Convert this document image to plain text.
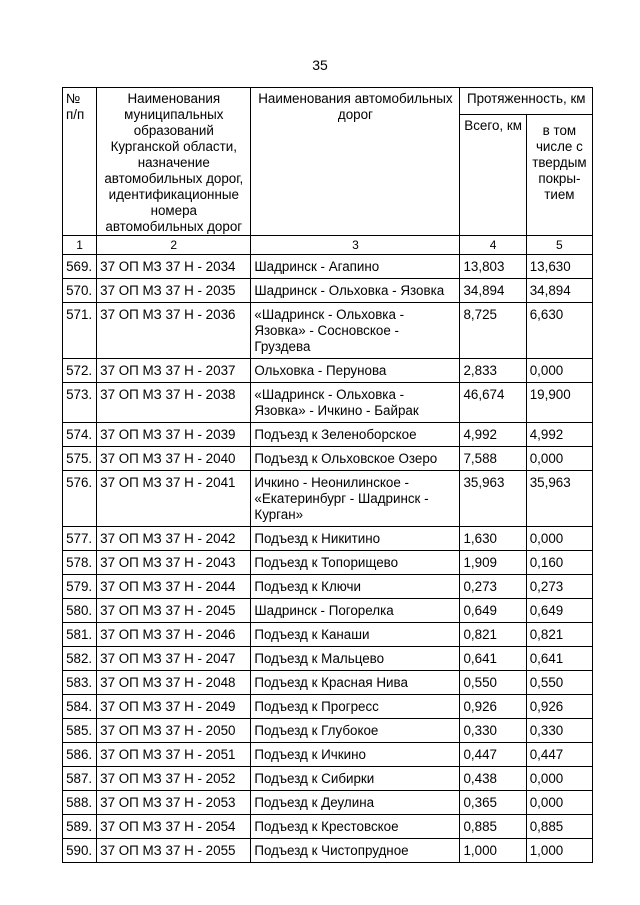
35
№ п/п	Наименования муниципальных образований Курганской области, назначение автомобильных дорог, идентификационные номера автомобильных дорог	Наименования автомобильных дорог	Протяженность, км	
			Всего, км	в том числе с твердым покры-тием
1	2	3	4	5
569.	37 ОП МЗ 37 Н - 2034	Шадринск - Агапино	13,803	13,630
570.	37 ОП МЗ 37 Н - 2035	Шадринск - Ольховка - Язовка	34,894	34,894
571.	37 ОП МЗ 37 Н - 2036	«Шадринск - Ольховка - Язовка» - Сосновское - Груздева	8,725	6,630
572.	37 ОП МЗ 37 Н - 2037	Ольховка - Перунова	2,833	0,000
573.	37 ОП МЗ 37 Н - 2038	«Шадринск - Ольховка - Язовка» - Ичкино - Байрак	46,674	19,900
574.	37 ОП МЗ 37 Н - 2039	Подъезд к Зеленоборское	4,992	4,992
575.	37 ОП МЗ 37 Н - 2040	Подъезд к Ольховское Озеро	7,588	0,000
576.	37 ОП МЗ 37 Н - 2041	Ичкино - Неонилинское - «Екатеринбург - Шадринск - Курган»	35,963	35,963
577.	37 ОП МЗ 37 Н - 2042	Подъезд к Никитино	1,630	0,000
578.	37 ОП МЗ 37 Н - 2043	Подъезд к Топорищево	1,909	0,160
579.	37 ОП МЗ 37 Н - 2044	Подъезд к Ключи	0,273	0,273
580.	37 ОП МЗ 37 Н - 2045	Шадринск - Погорелка	0,649	0,649
581.	37 ОП МЗ 37 Н - 2046	Подъезд к Канаши	0,821	0,821
582.	37 ОП МЗ 37 Н - 2047	Подъезд к Мальцево	0,641	0,641
583.	37 ОП МЗ 37 Н - 2048	Подъезд к Красная Нива	0,550	0,550
584.	37 ОП МЗ 37 Н - 2049	Подъезд к Прогресс	0,926	0,926
585.	37 ОП МЗ 37 Н - 2050	Подъезд к Глубокое	0,330	0,330
586.	37 ОП МЗ 37 Н - 2051	Подъезд к Ичкино	0,447	0,447
587.	37 ОП МЗ 37 Н - 2052	Подъезд к Сибирки	0,438	0,000
588.	37 ОП МЗ 37 Н - 2053	Подъезд к Деулина	0,365	0,000
589.	37 ОП МЗ 37 Н - 2054	Подъезд к Крестовское	0,885	0,885
590.	37 ОП МЗ 37 Н - 2055	Подъезд к Чистопрудное	1,000	1,000
